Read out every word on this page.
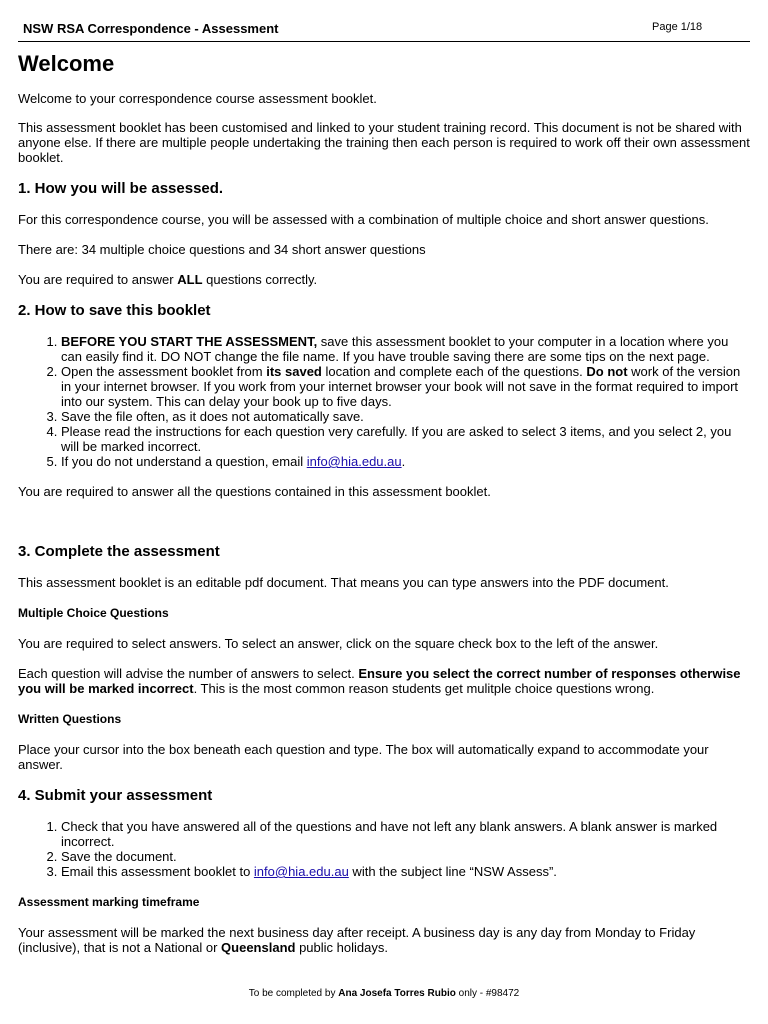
NSW RSA Correspondence - Assessment	Page 1/18
Welcome

Welcome to your correspondence course assessment booklet.

This assessment booklet has been customised and linked to your student training record. This document is not be shared with anyone else. If there are multiple people undertaking the training then each person is required to work off their own assessment booklet.

1. How you will be assessed.

For this correspondence course, you will be assessed with a combination of multiple choice and short answer questions.

There are: 34 multiple choice questions and 34 short answer questions

You are required to answer ALL questions correctly.

2. How to save this booklet
1. BEFORE YOU START THE ASSESSMENT, save this assessment booklet to your computer in a location where you can easily find it. DO NOT change the file name. If you have trouble saving there are some tips on the next page.
2. Open the assessment booklet from its saved location and complete each of the questions. Do not work of the version in your internet browser. If you work from your internet browser your book will not save in the format required to import into our system. This can delay your book up to five days.
3. Save the file often, as it does not automatically save.
4. Please read the instructions for each question very carefully. If you are asked to select 3 items, and you select 2, you will be marked incorrect.
5. If you do not understand a question, email info@hia.edu.au.

You are required to answer all the questions contained in this assessment booklet.

3. Complete the assessment

This assessment booklet is an editable pdf document. That means you can type answers into the PDF document.

Multiple Choice Questions

You are required to select answers. To select an answer, click on the square check box to the left of the answer.

Each question will advise the number of answers to select. Ensure you select the correct number of responses otherwise you will be marked incorrect. This is the most common reason students get mulitple choice questions wrong.

Written Questions

Place your cursor into the box beneath each question and type. The box will automatically expand to accommodate your answer.

4. Submit your assessment
1. Check that you have answered all of the questions and have not left any blank answers. A blank answer is marked incorrect.
2. Save the document.
3. Email this assessment booklet to info@hia.edu.au with the subject line “NSW Assess”.

Assessment marking timeframe

Your assessment will be marked the next business day after receipt. A business day is any day from Monday to Friday (inclusive), that is not a National or Queensland public holidays.

To be completed by Ana Josefa Torres Rubio only - #98472
